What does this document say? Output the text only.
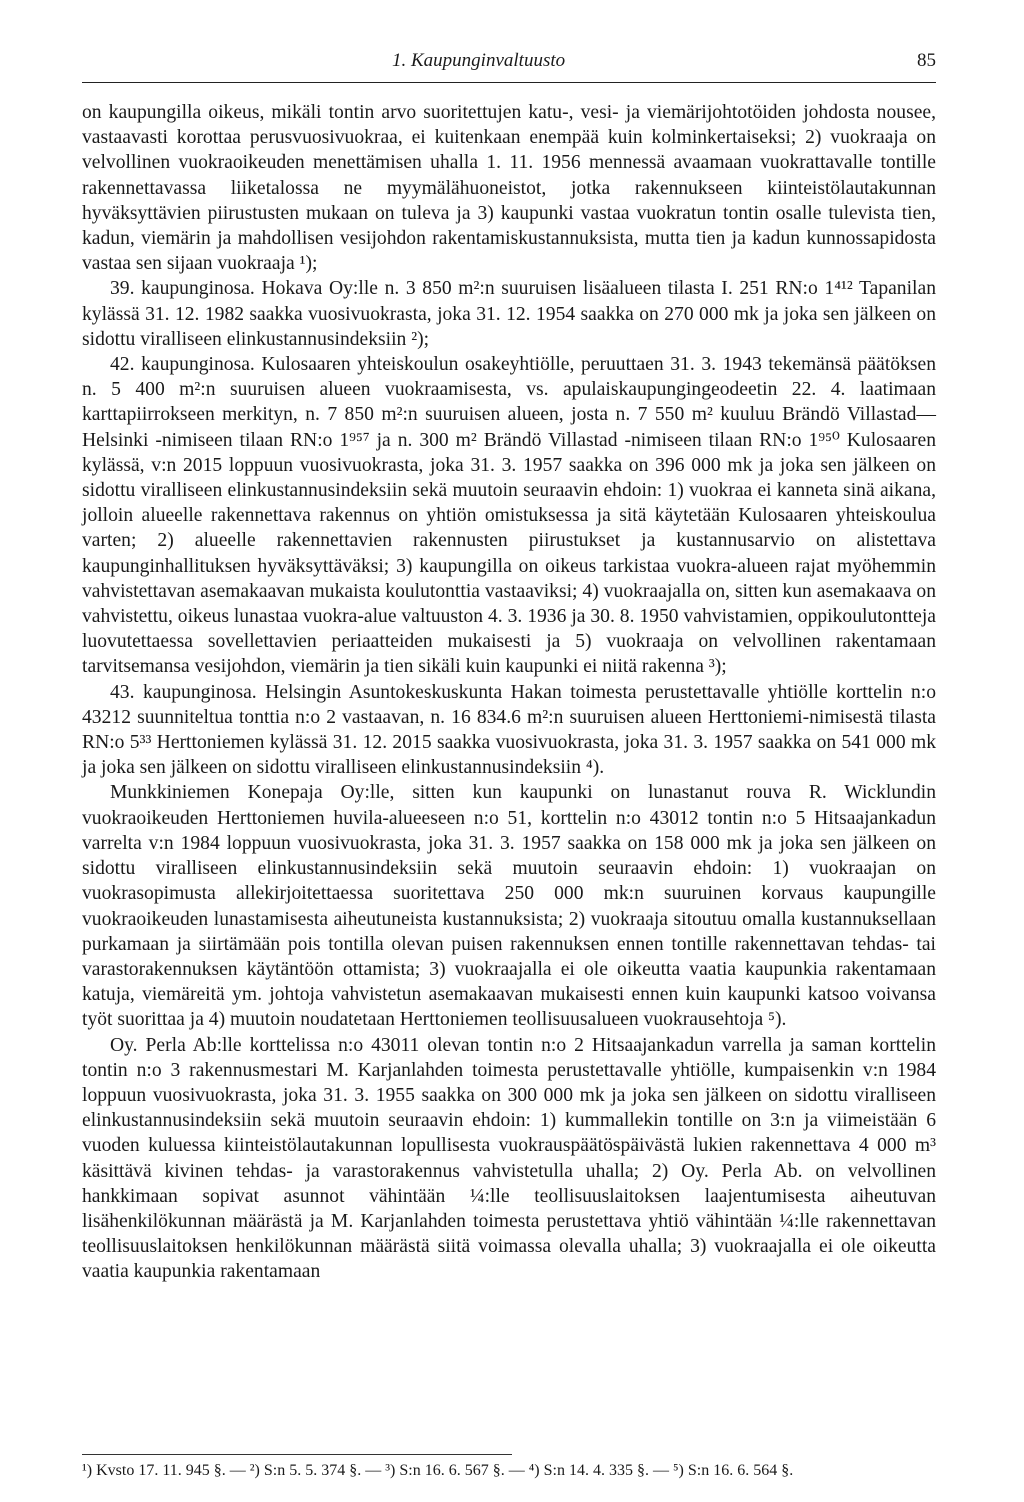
1. Kaupunginvaltuusto	85

on kaupungilla oikeus, mikäli tontin arvo suoritettujen katu-, vesi- ja viemärijohtotöiden johdosta nousee, vastaavasti korottaa perusvuosivuokraa, ei kuitenkaan enempää kuin kolminkertaiseksi; 2) vuokraaja on velvollinen vuokraoikeuden menettämisen uhalla 1. 11. 1956 mennessä avaamaan vuokrattavalle tontille rakennettavassa liiketalossa ne myymälähuoneistot, jotka rakennukseen kiinteistölautakunnan hyväksyttävien piirustusten mukaan on tuleva ja 3) kaupunki vastaa vuokratun tontin osalle tulevista tien, kadun, viemärin ja mahdollisen vesijohdon rakentamiskustannuksista, mutta tien ja kadun kunnossapidosta vastaa sen sijaan vuokraaja ¹);

39. kaupunginosa. Hokava Oy:lle n. 3 850 m²:n suuruisen lisäalueen tilasta I. 251 RN:o 1⁴¹² Tapanilan kylässä 31. 12. 1982 saakka vuosivuokrasta, joka 31. 12. 1954 saakka on 270 000 mk ja joka sen jälkeen on sidottu viralliseen elinkustannusindeksiin ²);

42. kaupunginosa. Kulosaaren yhteiskoulun osakeyhtiölle, peruuttaen 31. 3. 1943 tekemänsä päätöksen n. 5 400 m²:n suuruisen alueen vuokraamisesta, vs. apulaiskaupungingeodeetin 22. 4. laatimaan karttapiirrokseen merkityn, n. 7 850 m²:n suuruisen alueen, josta n. 7 550 m² kuuluu Brändö Villastad—Helsinki -nimiseen tilaan RN:o 1⁹⁵⁷ ja n. 300 m² Brändö Villastad -nimiseen tilaan RN:o 1⁹⁵⁰ Kulosaaren kylässä, v:n 2015 loppuun vuosivuokrasta, joka 31. 3. 1957 saakka on 396 000 mk ja joka sen jälkeen on sidottu viralliseen elinkustannusindeksiin sekä muutoin seuraavin ehdoin: 1) vuokraa ei kanneta sinä aikana, jolloin alueelle rakennettava rakennus on yhtiön omistuksessa ja sitä käytetään Kulosaaren yhteiskoulua varten; 2) alueelle rakennettavien rakennusten piirustukset ja kustannusarvio on alistettava kaupunginhallituksen hyväksyttäväksi; 3) kaupungilla on oikeus tarkistaa vuokra-alueen rajat myöhemmin vahvistettavan asemakaavan mukaista koulutonttia vastaaviksi; 4) vuokraajalla on, sitten kun asemakaava on vahvistettu, oikeus lunastaa vuokra-alue valtuuston 4. 3. 1936 ja 30. 8. 1950 vahvistamien, oppikoulutontteja luovutettaessa sovellettavien periaatteiden mukaisesti ja 5) vuokraaja on velvollinen rakentamaan tarvitsemansa vesijohdon, viemärin ja tien sikäli kuin kaupunki ei niitä rakenna ³);

43. kaupunginosa. Helsingin Asuntokeskuskunta Hakan toimesta perustettavalle yhtiölle korttelin n:o 43212 suunniteltua tonttia n:o 2 vastaavan, n. 16 834.6 m²:n suuruisen alueen Herttoniemi-nimisestä tilasta RN:o 5³³ Herttoniemen kylässä 31. 12. 2015 saakka vuosivuokrasta, joka 31. 3. 1957 saakka on 541 000 mk ja joka sen jälkeen on sidottu viralliseen elinkustannusindeksiin ⁴).

Munkkiniemen Konepaja Oy:lle, sitten kun kaupunki on lunastanut rouva R. Wicklundin vuokraoikeuden Herttoniemen huvila-alueeseen n:o 51, korttelin n:o 43012 tontin n:o 5 Hitsaajankadun varrelta v:n 1984 loppuun vuosivuokrasta, joka 31. 3. 1957 saakka on 158 000 mk ja joka sen jälkeen on sidottu viralliseen elinkustannusindeksiin sekä muutoin seuraavin ehdoin: 1) vuokraajan on vuokrasopimusta allekirjoitettaessa suoritettava 250 000 mk:n suuruinen korvaus kaupungille vuokraoikeuden lunastamisesta aiheutuneista kustannuksista; 2) vuokraaja sitoutuu omalla kustannuksellaan purkamaan ja siirtämään pois tontilla olevan puisen rakennuksen ennen tontille rakennettavan tehdas- tai varastorakennuksen käytäntöön ottamista; 3) vuokraajalla ei ole oikeutta vaatia kaupunkia rakentamaan katuja, viemäreitä ym. johtoja vahvistetun asemakaavan mukaisesti ennen kuin kaupunki katsoo voivansa työt suorittaa ja 4) muutoin noudatetaan Herttoniemen teollisuusalueen vuokrausehtoja ⁵).

Oy. Perla Ab:lle korttelissa n:o 43011 olevan tontin n:o 2 Hitsaajankadun varrella ja saman korttelin tontin n:o 3 rakennusmestari M. Karjanlahden toimesta perustettavalle yhtiölle, kumpaisenkin v:n 1984 loppuun vuosivuokrasta, joka 31. 3. 1955 saakka on 300 000 mk ja joka sen jälkeen on sidottu viralliseen elinkustannusindeksiin sekä muutoin seuraavin ehdoin: 1) kummallekin tontille on 3:n ja viimeistään 6 vuoden kuluessa kiinteistölautakunnan lopullisesta vuokrauspäätöspäivästä lukien rakennettava 4 000 m³ käsittävä kivinen tehdas- ja varastorakennus vahvistetulla uhalla; 2) Oy. Perla Ab. on velvollinen hankkimaan sopivat asunnot vähintään ¼:lle teollisuuslaitoksen laajentumisesta aiheutuvan lisähenkilökunnan määrästä ja M. Karjanlahden toimesta perustettava yhtiö vähintään ¼:lle rakennettavan teollisuuslaitoksen henkilökunnan määrästä siitä voimassa olevalla uhalla; 3) vuokraajalla ei ole oikeutta vaatia kaupunkia rakentamaan

¹) Kvsto 17. 11. 945 §. — ²) S:n 5. 5. 374 §. — ³) S:n 16. 6. 567 §. — ⁴) S:n 14. 4. 335 §. — ⁵) S:n 16. 6. 564 §.
